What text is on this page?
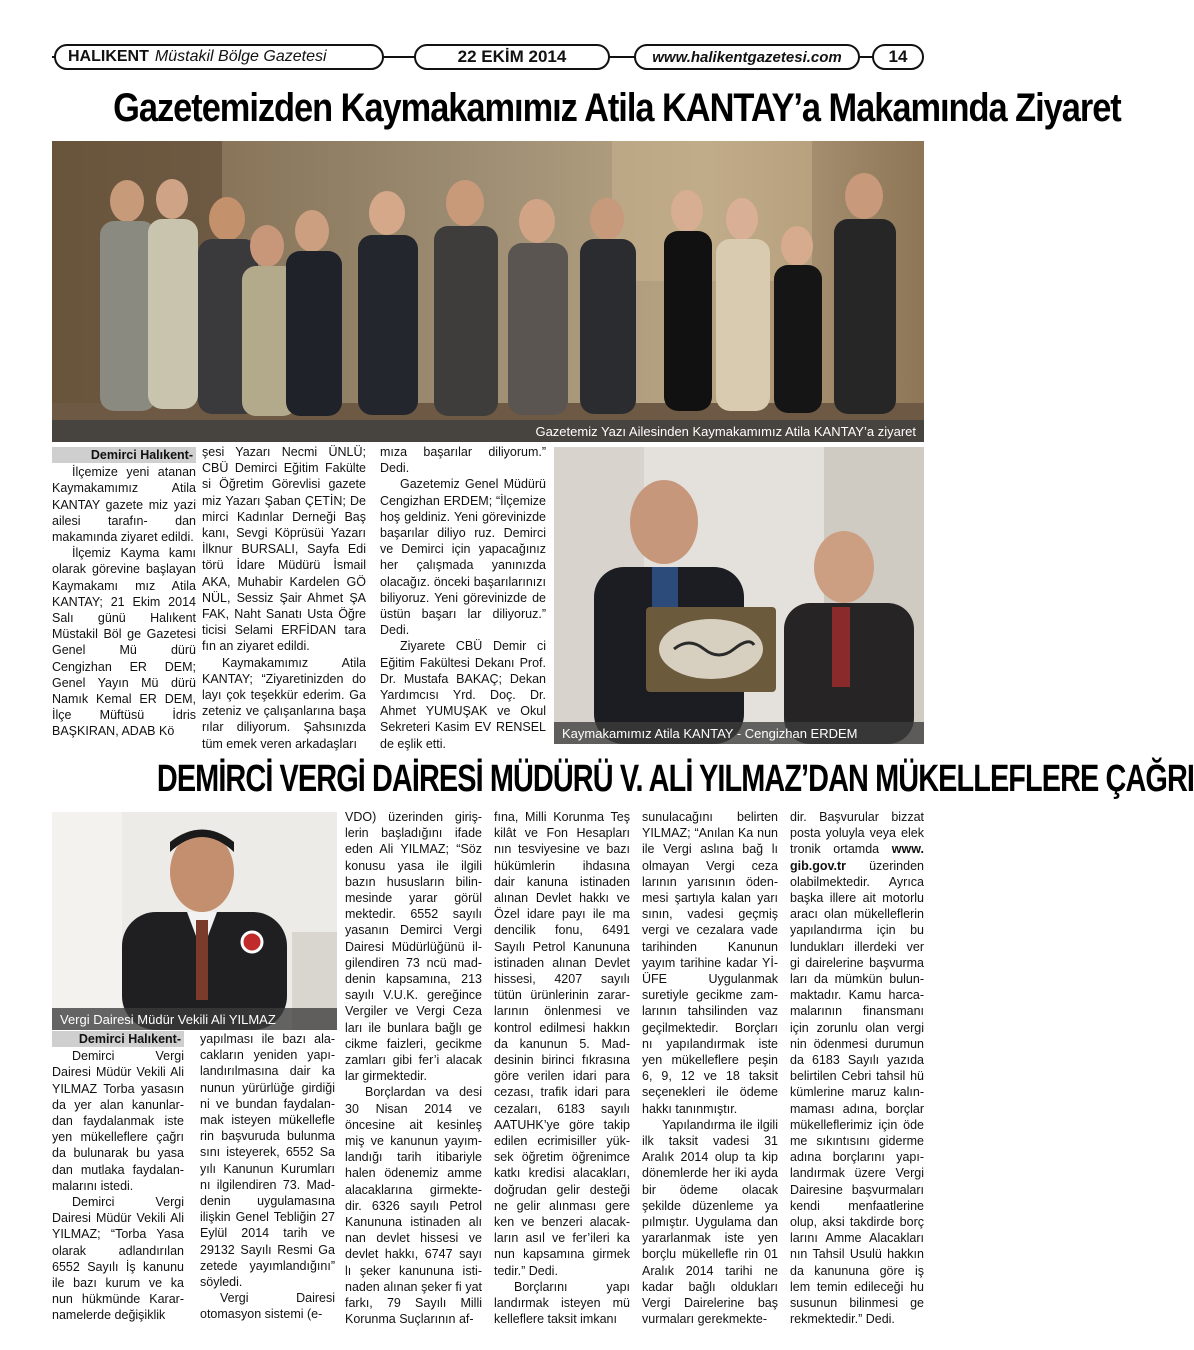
HALIKENT Müstakil Bölge Gazetesi	22 EKİM 2014	www.halikentgazetesi.com	14
Gazetemizden Kaymakamımız Atila KANTAY’a Makamında Ziyaret
Gazetemiz Yazı Ailesinden Kaymakamımız Atila KANTAY’a ziyaret
Demirci Halıkent-

İlçemize yeni atanan Kaymakamımız Atila KANTAY gazete miz yazi ailesi tarafın- dan makamında ziyaret edildi.

İlçemiz Kayma kamı olarak görevine başlayan Kaymakamı mız Atila KANTAY; 21 Ekim 2014 Salı günü Halıkent Müstakil Böl ge Gazetesi Genel Mü dürü Cengizhan ER DEM; Genel Yayın Mü dürü Namık Kemal ER DEM, İlçe Müftüsü İdris BAŞKIRAN, ADAB Kö

şesi Yazarı Necmi ÜNLÜ; CBÜ Demirci Eğitim Fakülte si Öğretim Görevlisi gazete miz Yazarı Şaban ÇETİN; De mirci Kadınlar Derneği Baş kanı, Sevgi Köprüsüi Yazarı İlknur BURSALI, Sayfa Edi törü İdare Müdürü İsmail AKA, Muhabir Kardelen GÖ NÜL, Sessiz Şair Ahmet ŞA FAK, Naht Sanatı Usta Öğre ticisi Selami ERFİDAN tara fın an ziyaret edildi.

Kaymakamımız Atila KANTAY; “Ziyaretinizden do layı çok teşekkür ederim. Ga zeteniz ve çalışanlarına başa rılar diliyorum. Şahsınızda tüm emek veren arkadaşları

mıza başarılar diliyorum.” Dedi.

Gazetemiz Genel Müdürü Cengizhan ERDEM; “İlçemize hoş geldiniz. Yeni görevinizde başarılar diliyo ruz. Demirci ve Demirci için yapacağınız her çalışmada yanınızda olacağız. önceki başarılarınızı biliyoruz. Yeni görevinizde de üstün başarı lar diliyoruz.” Dedi.

Ziyarete CBÜ Demir ci Eğitim Fakültesi Dekanı Prof. Dr. Mustafa BAKAÇ; Dekan Yardımcısı Yrd. Doç. Dr. Ahmet YUMUŞAK ve Okul Sekreteri Kasim EV RENSEL de eşlik etti.

Kaymakamımız Atila KANTAY - Cengizhan ERDEM
DEMİRCİ VERGİ DAİRESİ MÜDÜRÜ V. ALİ YILMAZ’DAN MÜKELLEFLERE ÇAĞRI
Vergi Dairesi Müdür Vekili Ali YILMAZ
Demirci Halıkent-

Demirci Vergi Dairesi Müdür Vekili Ali YILMAZ Torba yasasın da yer alan kanunlar- dan faydalanmak iste yen mükelleflere çağrı da bulunarak bu yasa dan mutlaka faydalan- malarını istedi.

Demirci Vergi Dairesi Müdür Vekili Ali YILMAZ; “Torba Yasa olarak adlandırılan 6552 Sayılı İş kanunu ile bazı kurum ve ka nun hükmünde Karar- namelerde değişiklik

yapılması ile bazı ala- cakların yeniden yapı- landırılmasına dair ka nunun yürürlüğe girdiği ni ve bundan faydalan- mak isteyen mükellefle rin başvuruda bulunma sını isteyerek, 6552 Sa yılı Kanunun Kurumları nı ilgilendiren 73. Mad- denin uygulamasına ilişkin Genel Tebliğin 27 Eylül 2014 tarih ve 29132 Sayılı Resmi Ga zetede yayımlandığını” söyledi.

Vergi Dairesi otomasyon sistemi (e-

VDO) üzerinden giriş- lerin başladığını ifade eden Ali YILMAZ; “Söz konusu yasa ile ilgili bazın hususların bilin- mesinde yarar görül mektedir. 6552 sayılı yasanın Demirci Vergi Dairesi Müdürlüğünü il- gilendiren 73 ncü mad- denin kapsamına, 213 sayılı V.U.K. gereğince Vergiler ve Vergi Ceza ları ile bunlara bağlı ge cikme faizleri, gecikme zamları gibi fer’i alacak lar girmektedir.

Borçlardan va desi 30 Nisan 2014 ve öncesine ait kesinleş miş ve kanunun yayım- landığı tarih itibariyle halen ödenemiz amme alacaklarına girmekte- dir. 6326 sayılı Petrol Kanununa istinaden alı nan devlet hissesi ve devlet hakkı, 6747 sayı lı şeker kanununa isti- naden alınan şeker fi yat farkı, 79 Sayılı Milli Korunma Suçlarının af-

fına, Milli Korunma Teş kilât ve Fon Hesapları nın tesviyesine ve bazı hükümlerin ihdasına dair kanuna istinaden alınan Devlet hakkı ve Özel idare payı ile ma dencilik fonu, 6491 Sayılı Petrol Kanununa istinaden alınan Devlet hissesi, 4207 sayılı tütün ürünlerinin zarar- larının önlenmesi ve kontrol edilmesi hakkın da kanunun 5. Mad- desinin birinci fıkrasına göre verilen idari para cezası, trafik idari para cezaları, 6183 sayılı AATUHK’ye göre takip edilen ecrimisiller yük- sek öğretim öğrenimce katkı kredisi alacakları, doğrudan gelir desteği ne gelir alınması gere ken ve benzeri alacak- ların asıl ve fer’ileri ka nun kapsamına girmek tedir.” Dedi.

Borçlarını yapı landırmak isteyen mü kelleflere taksit imkanı

sunulacağını belirten YILMAZ; “Anılan Ka nun ile Vergi aslına bağ lı olmayan Vergi ceza larının yarısının öden- mesi şartıyla kalan yarı sının, vadesi geçmiş vergi ve cezalara vade tarihinden Kanunun yayım tarihine kadar Yİ-ÜFE Uygulanmak suretiyle gecikme zam- larının tahsilinden vaz geçilmektedir. Borçları nı yapılandırmak iste yen mükelleflere peşin 6, 9, 12 ve 18 taksit seçenekleri ile ödeme hakkı tanınmıştır.

Yapılandırma ile ilgili ilk taksit vadesi 31 Aralık 2014 olup ta kip dönemlerde her iki ayda bir ödeme olacak şekilde düzenleme ya pılmıştır. Uygulama dan yararlanmak iste yen borçlu mükellefle rin 01 Aralık 2014 tarihi ne kadar bağlı oldukları Vergi Dairelerine baş vurmaları gerekmekte-

dir. Başvurular bizzat posta yoluyla veya elek tronik ortamda www. gib.gov.tr üzerinden olabilmektedir. Ayrıca başka illere ait motorlu aracı olan mükelleflerin yapılandırma için bu lundukları illerdeki ver gi dairelerine başvurma ları da mümkün bulun- maktadır. Kamu harca- malarının finansmanı için zorunlu olan vergi nin ödenmesi durumun da 6183 Sayılı yazıda belirtilen Cebri tahsil hü kümlerine maruz kalın- maması adına, borçlar mükelleflerimiz için öde me sıkıntısını giderme adına borçlarını yapı- landırmak üzere Vergi Dairesine başvurmaları kendi menfaatlerine olup, aksi takdirde borç larını Amme Alacakları nın Tahsil Usulü hakkın da kanununa göre iş lem temin edileceği hu susunun bilinmesi ge rekmektedir.” Dedi.
